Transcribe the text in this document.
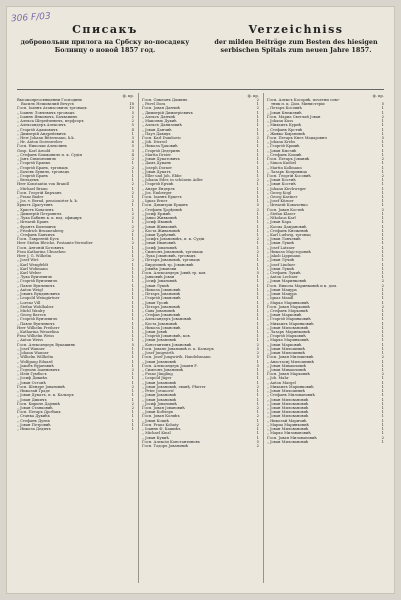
306 F/03
Списакъ
добровольни прилога на Србску во-посадеку Болницу о новой 1857 год.
Verzeichniss
der milden Beiträge zum Besten des hiesigen serbischen Spitals zum neuen Jahre 1857.
ф. кр.
Высокопреосвященни Господинъ
Василъ Нешовачий Вечусъ	18
Госп. Іоаннъ Атанасовичъ трговацъ	10
„ Іоаннъ Ловчевичъ трговацъ	5
„ Іоаннъ Янковичъ, Бачванинъ	2
„ Алекса Шерейчевичъ, перфсоръ	2
„ Александеръ Алексичъ	5
„ Георгій Адамовичъ	4
„ Димитрій Андрейевичъ	1
„ Herr Johann Bittermann, k.k.	3
„ Hr. Anton Dorenweber	6
Госп. Николаи Алексіинъ	5
Gosp. Karl Arnold	3
„ Стефанъ Бошковичъ п. к. Судіи	4
„ Јанъ Симеоновичъ	2
„ Георгій Бранкъ	1
„ Георгій Бранъ, трговацъ	2
„ Бачевъ Бувичъ, трговацъ	1
„ Георгій Бранъ	1
„ Вельдемъ	1
Herr Konstantin von Brandl	2
„ Michael Braun	1
Госп. Георгій Бирчанъ	2
„ Franz Bader	1
„ Jos. v. Bernd, pensionirter k. k.	2
Хрватъ Драгутинъ	1
„ Христъ Ковачевъ	1
„ Димитрій Петровичъ	2
„ Лука Бабинъ к. к. вод. официръ	2
„ Игнатій Бравъ	1
„ Франтъ Билешичъ	2
„ Friedrich Brunnenberg	2
„ Стефанъ Бавчичъ	1
Госп. Лаврентій Бусъ	1
Herr Stefan Bleiche, Postamts-Verwalter	2
Госп. Антоній Ботовичъ	1
Frau Katharina Ubusehen	1
Herr J. G. Wilhelm	1
„ Josef Wirt	2
„ Karl Wengfeldt	1
„ Karl Wolimann	1
„ Karl Weber	1
„ Лука Вуичевичъ	1
„ Георгій Вуичевичъ	1
„ Павле Вуичевичъ	1
„ Anton Weigl	1
„ Јованъ Вукдиновичъ	1
„ Leopold Weingärtner	1
„ Lorenz Vill	1
„ Stefan Wohlhaber	1
„ Michl Waulry	1
„ Georg Ватесъ	1
„ Георгій Вуичевичъ	1
„ Павле Вуичевичъ	1
Herr Wilhelm Freiherr	1
„ Katharina Wenzelina	1
Frau Wilhelm Weiss	1
„ Anton Weiss	1
Госп. Александеръ Вукашинъ	5
„ Josef Wanner	1
„ Johann Wanner	1
„ Wilhelm Willhelm	1
„ Wolfgang Eduard	1
„ Јакобъ Вујановић	1
„ Гедеонъ Іоанновичъ	2
„ Илія Гумбосъ	1
„ Јосиф Дикићъ	1
„ Јован Остоић	1
Госп. Шендре Јовановић	2
„ Николай Граде	1
„ Јован Дукатъ, п. к. Кальеръ	1
„ Јохан Дикичъ	1
Госп. Кирилъ Дајевић	2
„ Јован Станковић	2
Госп. Петаръ Дробацъ	1
„ Станка Дукићъ	1
„ Стефанъ Дунзъ	1
„ Јован Петровић	1
„ Никола Дедичъ	1
ф. кр.
Госп. Симеонъ Даминъ	2
„ Pavel Dora	1
Госп. Јован Данчић	2
„ Димитрій Димитріевичъ	1
„ Алексъ Данчић	1
„ Максимъ Дукић	1
„ Алексъ Даниловић	1
„ Јован Данчић	1
„ Паул Давидъ	1
Госп. Karl Dumbovic	2
„ Joh. Diersel	1
„ Никола Ђаковић	1
„ Георгій Дедеринъ	1
„ Martin Dreier	1
„ Јован Дукатовичъ	1
„ Дамъ Дуканъ	1
„ Joseph Dorner	1
„ Јован Дукатъ	1
„ Eller und Joh. Ebbe	1
„ Johann Eder, in schönem Adler	2
„ Георгій Ерчић	1
„ Андре Ендерлъ	1
„ Jos. Emberger	1
Госп. Іоаннъ Ерцегъ	1
„ Ignaz Erner	1
Госп. Димитріи Ерцанъ	5
„ Стефанъ Ђорђевић	2
„ Јосиф Ержић	1
„ Јанко Живковић	1
„ Јосиф Иванић	1
„ Јован Живковић	1
„ Коста Живановић	1
„ Јован Ђорђевић	1
„ Јосифъ Јовановићъ, п. к. Судіи	2
„ Јован Ивановић	1
„ Јосиф Јовановић	1
„ Симеонъ Јовановић, трговацъ	2
„ Лука Јовановић, трговацъ	1
„ Петаръ Јовановић, трговацъ	1
„ Бирдзовић тр. Јовановић	1
„ Јовићъ Јованови	1
Госп. Александеръ Јовић тр. ков.	5
„ Јанковић Јован	1
„ Јосиф Јовановић	1
„ Јован Лукић	1
„ Никола Јовановић	1
„ Петаръ Јовановић	1
„ Георгій Јовановић	1
„ Јован Трсић	1
„ Петаръ Јовановић	1
„ Сава Јовановић	1
„ Стефан Јовановић	1
„ Александеръ Јовановић	1
„ Коста Јовановић	1
„ Никола Јовановић	1
„ Јован Јовић	1
„ Георгій Јовановић, ков.	1
„ Јован Јовановић	1
„ Константинъ Јовановић	2
Госп. Јованъ Јовановић п. к. Кальеръ	5
„ Josef Jungwirth	2
Госп. Josef Jungwirth, Handelsmann	5
„ Јован Јовановић	1
Госп. Александеръ Јоханн Р.	5
„ Симеонъ Јовановић	1
„ Franz Jüngling	1
„ Leopold Jüger	1
„ Јован Јовановић	1
„ Јован Јовановић, еванђ. Pfarrer	2
„ Peter Jovanović	1
„ Јован Јовановић	1
„ Јован Јовановић	1
„ Јосиф Јовановић	1
Госп. Јован Јовановић	2
„ Јован Коблеръ	1
Госп. Јован Колићъ	2
„ Јован Коцић	1
Госп. Franz Kohaty	2
„ Іоаннъ Ф. Кашићъ	1
„ Michael Kinzl	1
„ Јован Кукић	1
Госп. Алексіи Константиновъ	5
Госп. Тодоръ Јовановић	2
ф. кр.
Госп. Алексъ Косорић, почетни сове-
тник п. к. Дом. Министеріи	5
„ Петаръ Косовић	1
„ Јован Кнежевић	1
Госп. Мариа Светлай Јован	2
„ Johann Kuss	1
„ Михаилъ Курић	1
„ Стефанъ Крстић	1
„ Живко Кмјановић	1
Госп. Петаръ Кнез Маџарович	5
„ Johann Krebs	1
„ Георгій Кршић	1
„ Јован Кмезић	1
„ Стефанъ Кошић	1
Госп. Петаръ Јованић	2
„ Simon Knöbel	1
„ Martin Kollmann	1
„ Лазаръ Копривица	1
Госп. Георгій Косовић	2
„ Јован Костић	1
„ Јован Костић	1
„ Johann Kirchweger	1
„ Georg Kogl	1
„ Georg Kastner	1
„ Josef Kürner	1
„ Игнатій Коваченко	1
Госп. Јован Костић	2
„ Stefan Klaser	1
„ Nikolaus Karl	1
„ Јован Кара	1
„ Косма Дамјановић	1
„ Стефанъ Кнежевић	1
„ Karl Ludwig, трговац	1
„ Јован Ловчевић	1
„ Јован Лукић	1
„ Josef Latzner	1
„ Никола Мајсторовић	1
„ Jakob Lippmann	1
„ Јован Лучић	1
„ Josef Lindner	1
„ Јован Лукић	1
„ Стефанъ Лукић	1
„ Anton Lechner	1
„ Јован Маринковић	2
Госп. Никола Маринковић и к. дом.	2
„ Јован Мацура	1
„ Јован Мацура	1
„ Ignaz Mandl	1
„ Марко Маринковић	1
Госп. Јован Марковић	2
„ Стефанъ Марковић	1
„ Јован Марковић	1
„ Георгій Маринковић	1
„ Михаилъ Маринковић	1
„ Јован Миловановић	1
„ Лазаръ Маринковић	1
„ Георгій Марковић	1
„ Марко Маринковић	1
„ Јован Марковић	1
„ Јован Милошевић	1
„ Јован Милошевић	1
Госп. Јован Милошевић	2
„ Анастасиј Милошевић	1
„ Јован Михаиловић	1
„ Јован Михаиловић	1
Госп. Јован Марковић	2
„ Joh. Mahr	1
„ Anton Margel	1
„ Михаилъ Маринковић	1
„ Јован Милошевић	1
„ Стефанъ Миловановић	1
„ Јован Миловановић	1
„ Јован Миловановић	1
„ Јован Миловановић	1
„ Јован Миловановић	1
„ Јован Миловановић	1
„ Николай Маричић	1
„ Мариа Маринковић	1
„ Јован Миловановић	1
„ Марко Миловановић	1
Госп. Јован Миловановић	2
„ Јован Миловановић	1
